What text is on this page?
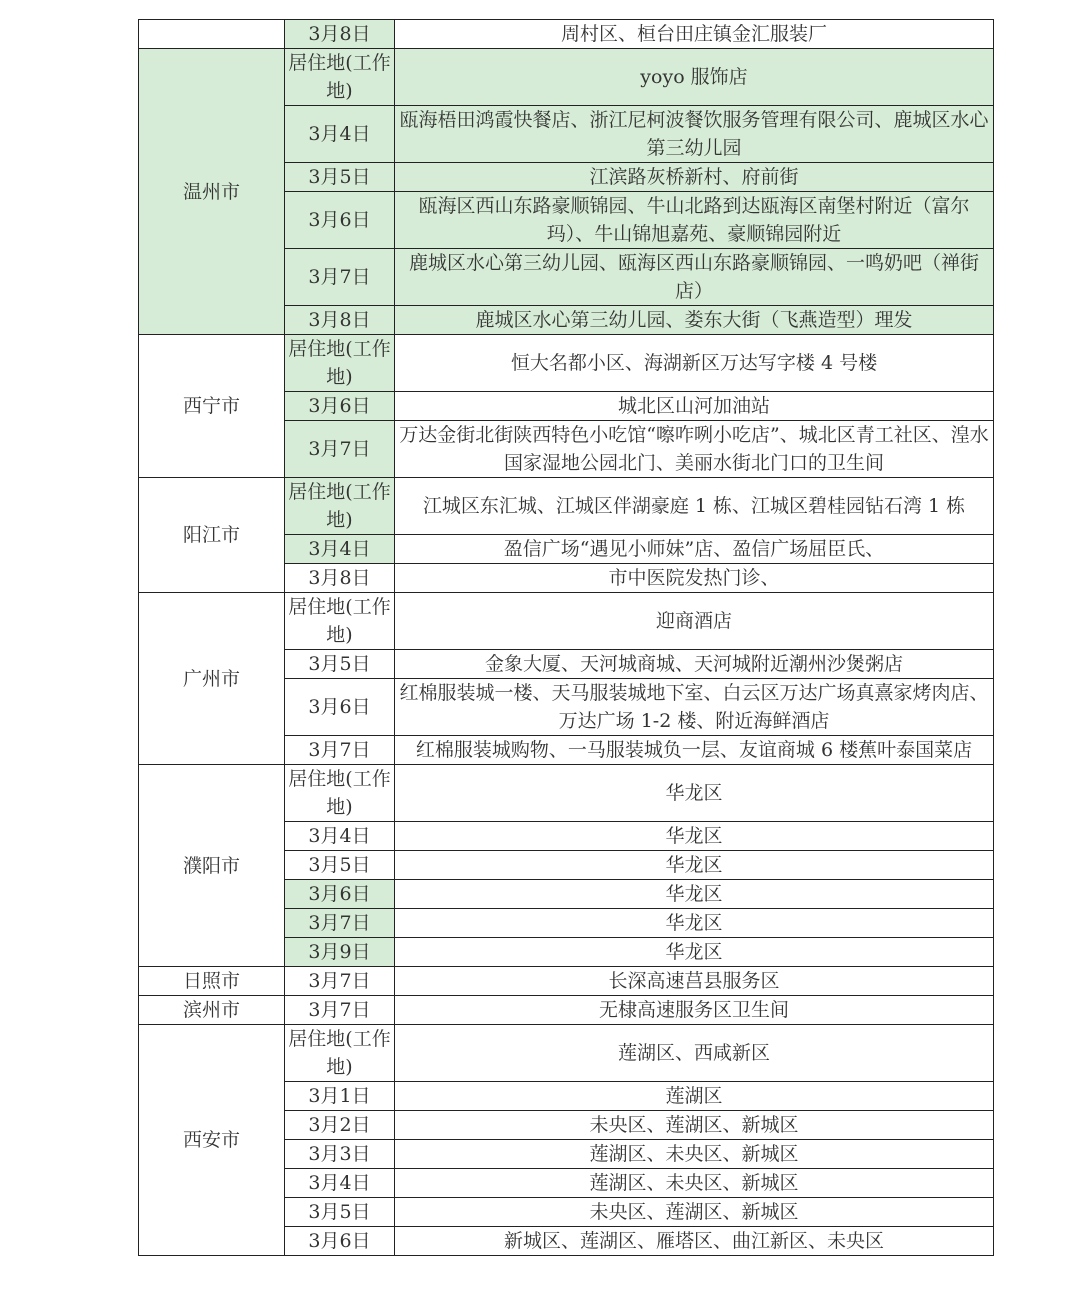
	3月8日	周村区、桓台田庄镇金汇服装厂
温州市	居住地(工作地)	yoyo 服饰店
	3月4日	瓯海梧田鸿霞快餐店、浙江尼柯波餐饮服务管理有限公司、鹿城区水心第三幼儿园
	3月5日	江滨路灰桥新村、府前街
	3月6日	瓯海区西山东路豪顺锦园、牛山北路到达瓯海区南堡村附近（富尔玛）、牛山锦旭嘉苑、豪顺锦园附近
	3月7日	鹿城区水心第三幼儿园、瓯海区西山东路豪顺锦园、一鸣奶吧（禅街店）
	3月8日	鹿城区水心第三幼儿园、娄东大街（飞燕造型）理发
西宁市	居住地(工作地)	恒大名都小区、海湖新区万达写字楼 4 号楼
	3月6日	城北区山河加油站
	3月7日	万达金街北街陕西特色小吃馆“嚓咋咧小吃店”、城北区青工社区、湟水国家湿地公园北门、美丽水街北门口的卫生间
阳江市	居住地(工作地)	江城区东汇城、江城区伴湖豪庭 1 栋、江城区碧桂园钻石湾 1 栋
	3月4日	盈信广场“遇见小师妹”店、盈信广场屈臣氏、
	3月8日	市中医院发热门诊、
广州市	居住地(工作地)	迎商酒店
	3月5日	金象大厦、天河城商城、天河城附近潮州沙煲粥店
	3月6日	红棉服装城一楼、天马服装城地下室、白云区万达广场真熹家烤肉店、万达广场 1-2 楼、附近海鲜酒店
	3月7日	红棉服装城购物、一马服装城负一层、友谊商城 6 楼蕉叶泰国菜店
濮阳市	居住地(工作地)	华龙区
	3月4日	华龙区
	3月5日	华龙区
	3月6日	华龙区
	3月7日	华龙区
	3月9日	华龙区
日照市	3月7日	长深高速莒县服务区
滨州市	3月7日	无棣高速服务区卫生间
西安市	居住地(工作地)	莲湖区、西咸新区
	3月1日	莲湖区
	3月2日	未央区、莲湖区、新城区
	3月3日	莲湖区、未央区、新城区
	3月4日	莲湖区、未央区、新城区
	3月5日	未央区、莲湖区、新城区
	3月6日	新城区、莲湖区、雁塔区、曲江新区、未央区
